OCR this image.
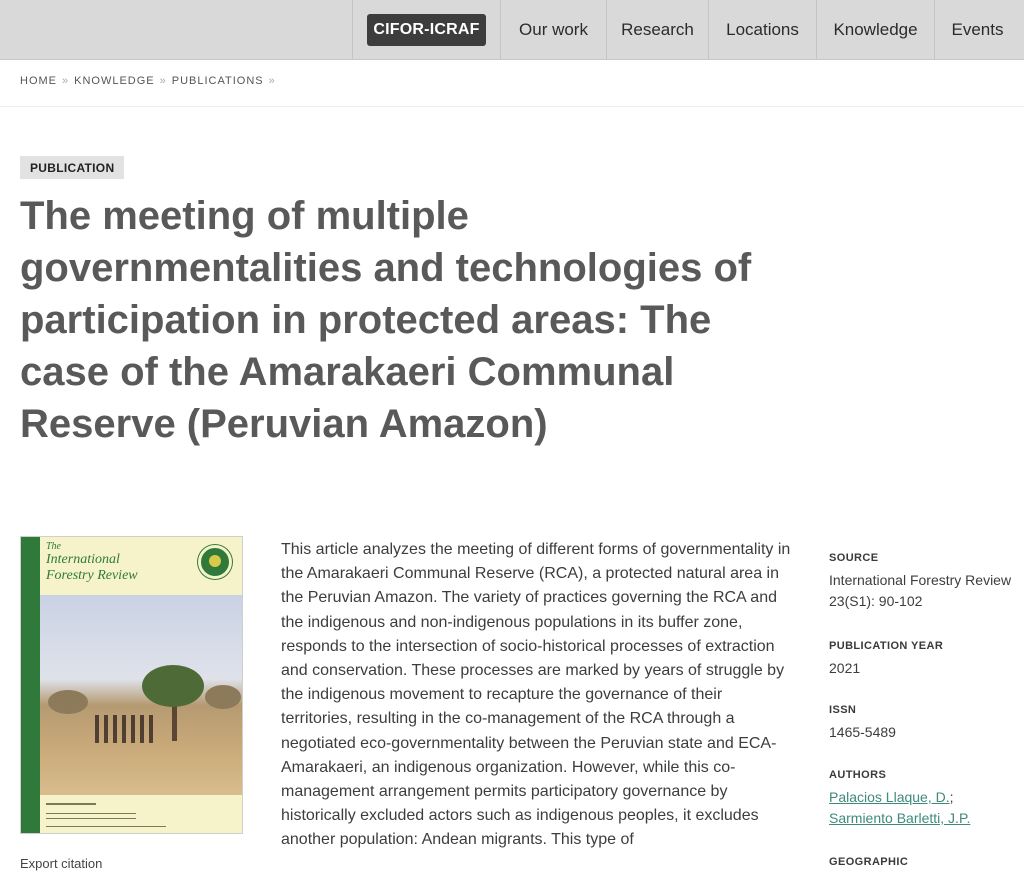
CIFOR-ICRAF	Our work	Research	Locations	Knowledge	Events
HOME » KNOWLEDGE » PUBLICATIONS »
PUBLICATION
The meeting of multiple governmentalities and technologies of participation in protected areas: The case of the Amarakaeri Communal Reserve (Peruvian Amazon)
The
International Forestry Review
Export citation

This article analyzes the meeting of different forms of governmentality in the Amarakaeri Communal Reserve (RCA), a protected natural area in the Peruvian Amazon. The variety of practices governing the RCA and the indigenous and non-indigenous populations in its buffer zone, responds to the intersection of socio-historical processes of extraction and conservation. These processes are marked by years of struggle by the indigenous movement to recapture the governance of their territories, resulting in the co-management of the RCA through a negotiated eco-governmentality between the Peruvian state and ECA-Amarakaeri, an indigenous organization. However, while this co-management arrangement permits participatory governance by historically excluded actors such as indigenous peoples, it excludes another population: Andean migrants. This type of

SOURCE
International Forestry Review 23(S1): 90-102
PUBLICATION YEAR
2021
ISSN
1465-5489
AUTHORS
Palacios Llaque, D.;
Sarmiento Barletti, J.P.
GEOGRAPHIC
